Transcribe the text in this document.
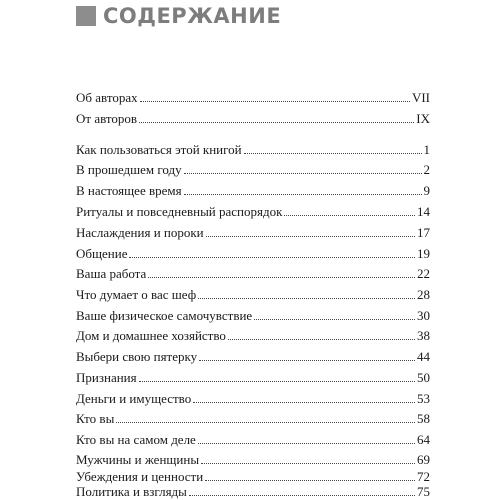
СОДЕРЖАНИЕ
Об авторах	VII
От авторов	IX
Как пользоваться этой книгой	1
В прошедшем году	2
В настоящее время	9
Ритуалы и повседневный распорядок	14
Наслаждения и пороки	17
Общение	19
Ваша работа	22
Что думает о вас шеф	28
Ваше физическое самочувствие	30
Дом и домашнее хозяйство	38
Выбери свою пятерку	44
Признания	50
Деньги и имущество	53
Кто вы	58
Кто вы на самом деле	64
Мужчины и женщины	69
Убеждения и ценности	72
Политика и взгляды	75
